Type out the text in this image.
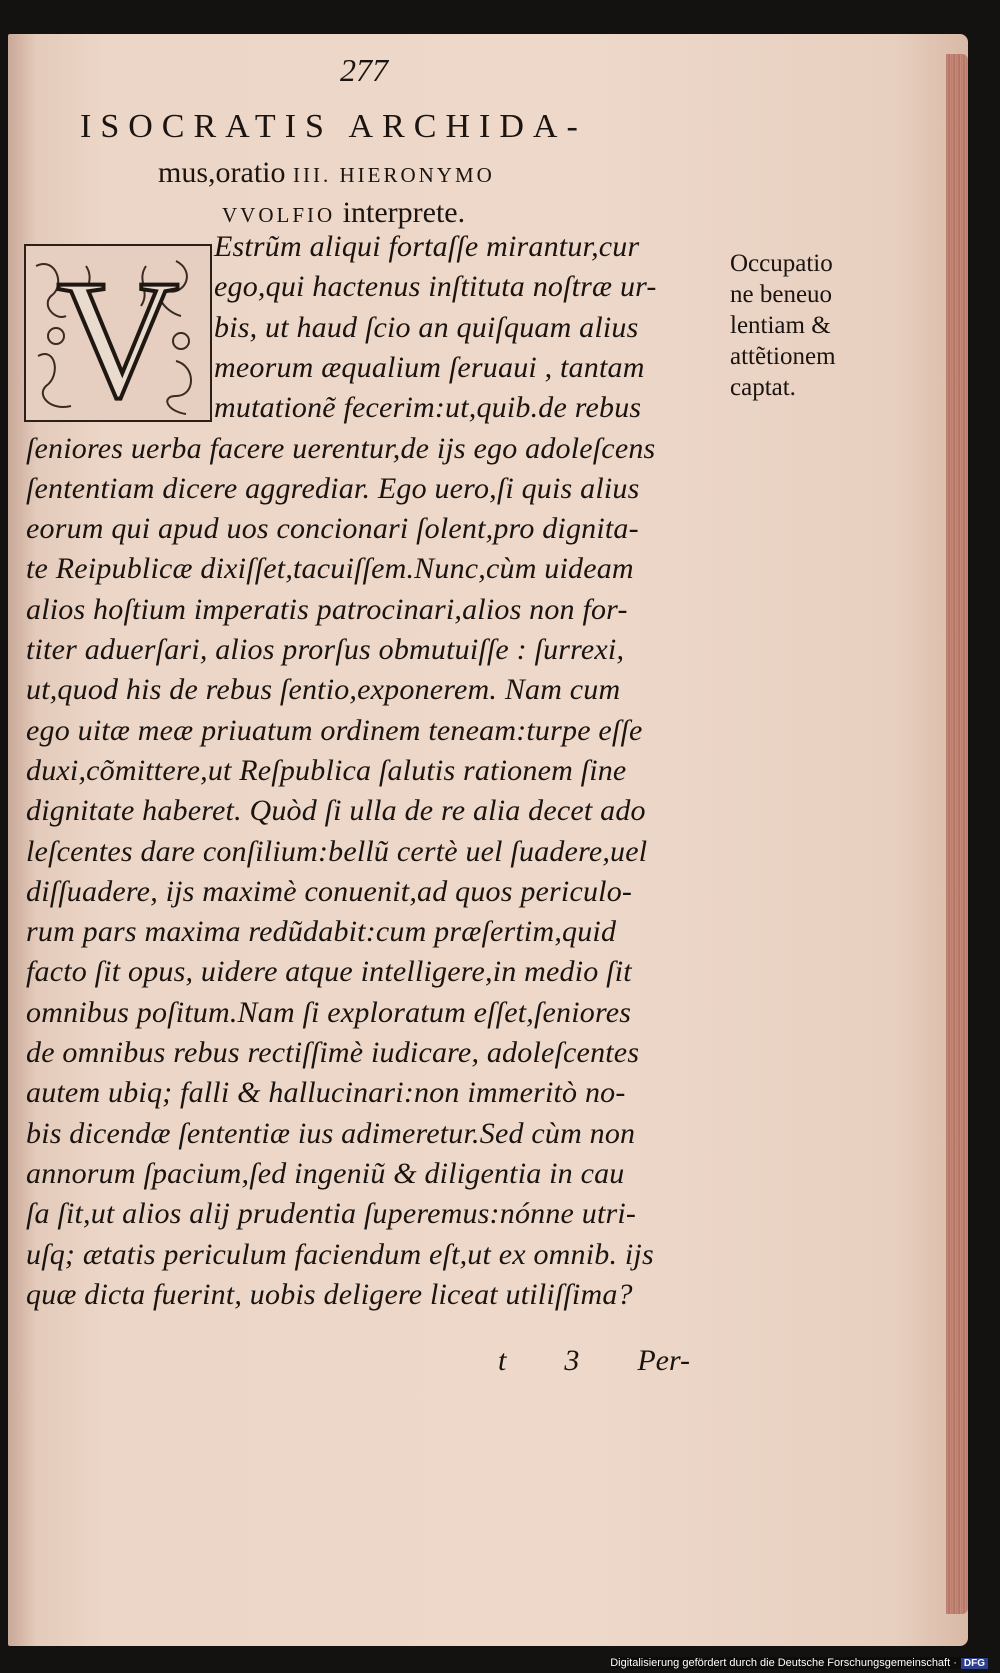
277
ISOCRATIS ARCHIDA-
mus,oratio III. HIERONYMO
VVOLFIO interprete.
V Estrũm aliqui fortaſſe mirantur,cur
ego,qui hactenus inſtituta noſtræ ur-
bis, ut haud ſcio an quiſquam alius
meorum æqualium ſeruaui , tantam
mutationẽ fecerim:ut,quib.de rebus
ſeniores uerba facere uerentur,de ijs ego adoleſcens
ſententiam dicere aggrediar. Ego uero,ſi quis alius
eorum qui apud uos concionari ſolent,pro dignita-
te Reipublicæ dixiſſet,tacuiſſem.Nunc,cùm uideam
alios hoſtium imperatis patrocinari,alios non for-
titer aduerſari, alios prorſus obmutuiſſe : ſurrexi,
ut,quod his de rebus ſentio,exponerem. Nam cum
ego uitæ meæ priuatum ordinem teneam:turpe eſſe
duxi,cõmittere,ut Reſpublica ſalutis rationem ſine
dignitate haberet. Quòd ſi ulla de re alia decet ado
leſcentes dare conſilium:bellũ certè uel ſuadere,uel
diſſuadere, ijs maximè conuenit,ad quos periculo-
rum pars maxima redũdabit:cum præſertim,quid
facto ſit opus, uidere atque intelligere,in medio ſit
omnibus poſitum.Nam ſi exploratum eſſet,ſeniores
de omnibus rebus rectiſſimè iudicare, adoleſcentes
autem ubiq; falli & hallucinari:non immeritò no-
bis dicendæ ſententiæ ius adimeretur.Sed cùm non
annorum ſpacium,ſed ingeniũ & diligentia in cau
ſa ſit,ut alios alij prudentia ſuperemus:nónne utri-
uſq; ætatis periculum faciendum eſt,ut ex omnib. ijs
quæ dicta fuerint, uobis deligere liceat utiliſſima?
Occupatio
ne beneuo
lentiam &
attẽtionem
captat.
t 3 Per-
Digitalisierung gefördert durch die Deutsche Forschungsgemeinschaft · DFG
